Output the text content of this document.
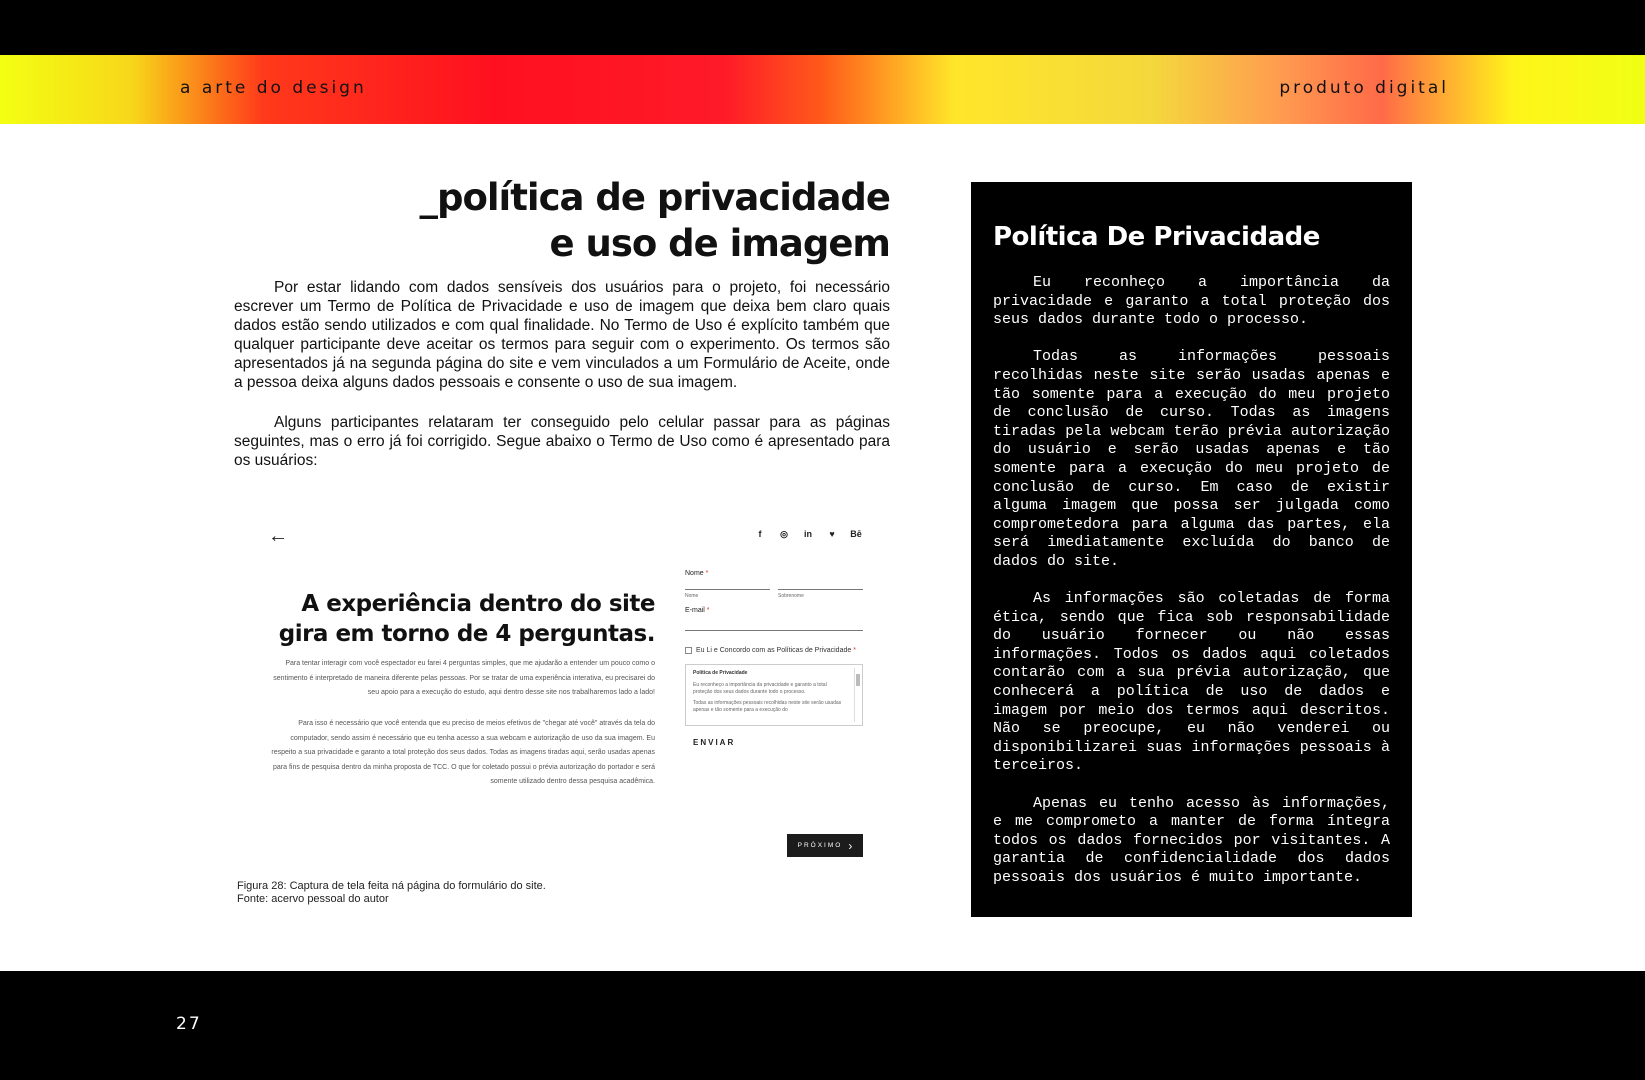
a arte do design	produto digital
_política de privacidade
e uso de imagem

Por estar lidando com dados sensíveis dos usuários para o projeto, foi necessário escrever um Termo de Política de Privacidade e uso de imagem que deixa bem claro quais dados estão sendo utilizados e com qual finalidade. No Termo de Uso é explícito também que qualquer participante deve aceitar os termos para seguir com o experimento. Os termos são apresentados já na segunda página do site e vem vinculados a um Formulário de Aceite, onde a pessoa deixa alguns dados pessoais e consente o uso de sua imagem.

Alguns participantes relataram ter conseguido pelo celular passar para as páginas seguintes, mas o erro já foi corrigido. Segue abaixo o Termo de Uso como é apresentado para os usuários:

←	f	◎ in	♥	Bē
A experiência dentro do site
gira em torno de 4 perguntas.

Para tentar interagir com você espectador eu farei 4 perguntas simples, que me ajudarão a entender um pouco como o sentimento é interpretado de maneira diferente pelas pessoas. Por se tratar de uma experiência interativa, eu precisarei do seu apoio para a execução do estudo, aqui dentro desse site nos trabalharemos lado a lado!

Para isso é necessário que você entenda que eu preciso de meios efetivos de "chegar até você" através da tela do computador, sendo assim é necessário que eu tenha acesso a sua webcam e autorização de uso da sua imagem. Eu respeito a sua privacidade e garanto a total proteção dos seus dados. Todas as imagens tiradas aqui, serão usadas apenas para fins de pesquisa dentro da minha proposta de TCC. O que for coletado possui o prévia autorização do portador e será somente utilizado dentro dessa pesquisa acadêmica.

Nome *
Nome	Sobrenome
E-mail *
Eu Li e Concordo com as Políticas de Privacidade *
Política de Privacidade
Eu reconheço a importância da privacidade e garanto a total proteção dos seus dados durante todo o processo.
Todas as informações pessoais recolhidas neste site serão usadas apenas e tão somente para a execução do
ENVIAR
PRÓXIMO ›
Figura 28: Captura de tela feita ná página do formulário do site.
Fonte: acervo pessoal do autor
Política De Privacidade

Eu reconheço a importância da privacidade e garanto a total proteção dos seus dados durante todo o processo.

Todas as informações pessoais recolhidas neste site serão usadas apenas e tão somente para a execução do meu projeto de conclusão de curso. Todas as imagens tiradas pela webcam terão prévia autorização do usuário e serão usadas apenas e tão somente para a execução do meu projeto de conclusão de curso. Em caso de existir alguma imagem que possa ser julgada como comprometedora para alguma das partes, ela será imediatamente excluída do banco de dados do site.

As informações são coletadas de forma ética, sendo que fica sob responsabilidade do usuário fornecer ou não essas informações. Todos os dados aqui coletados contarão com a sua prévia autorização, que conhecerá a política de uso de dados e imagem por meio dos termos aqui descritos. Não se preocupe, eu não venderei ou disponibilizarei suas informações pessoais à terceiros.

Apenas eu tenho acesso às informações, e me comprometo a manter de forma íntegra todos os dados fornecidos por visitantes. A garantia de confidencialidade dos dados pessoais dos usuários é muito importante.

27
